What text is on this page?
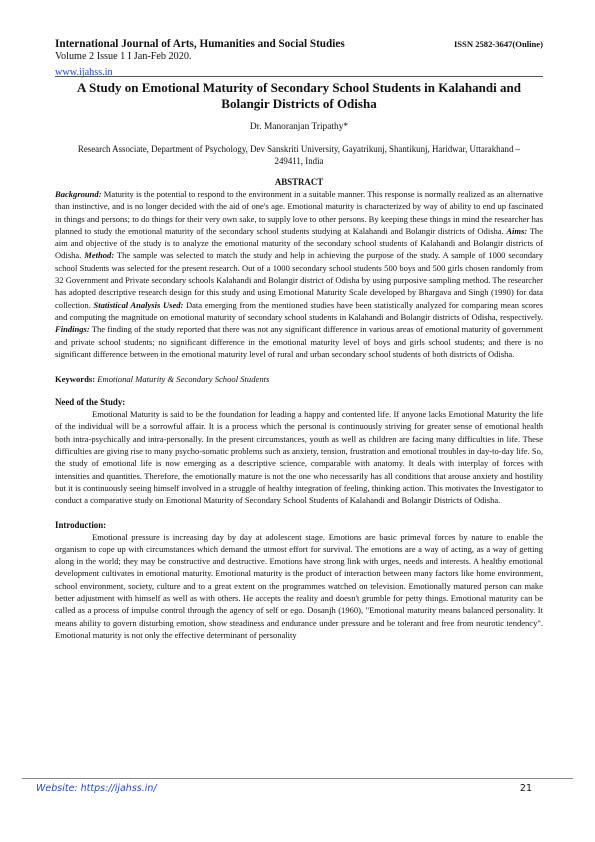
International Journal of Arts, Humanities and Social Studies	ISSN 2582-3647(Online)
Volume 2 Issue 1 I Jan-Feb 2020.
www.ijahss.in
A Study on Emotional Maturity of Secondary School Students in Kalahandi and Bolangir Districts of Odisha
Dr. Manoranjan Tripathy*
Research Associate, Department of Psychology, Dev Sanskriti University, Gayatrikunj, Shantikunj, Haridwar, Uttarakhand – 249411, India
ABSTRACT

Background: Maturity is the potential to respond to the environment in a suitable manner. This response is normally realized as an alternative than instinctive, and is no longer decided with the aid of one's age. Emotional maturity is characterized by way of ability to end up fascinated in things and persons; to do things for their very own sake, to supply love to other persons. By keeping these things in mind the researcher has planned to study the emotional maturity of the secondary school students studying at Kalahandi and Bolangir districts of Odisha. Aims: The aim and objective of the study is to analyze the emotional maturity of the secondary school students of Kalahandi and Bolangir districts of Odisha. Method: The sample was selected to match the study and help in achieving the purpose of the study. A sample of 1000 secondary school Students was selected for the present research. Out of a 1000 secondary school students 500 boys and 500 girls chosen randomly from 32 Government and Private secondary schools Kalahandi and Bolangir district of Odisha by using purposive sampling method. The researcher has adopted descriptive research design for this study and using Emotional Maturity Scale developed by Bhargava and Singh (1990) for data collection. Statistical Analysis Used: Data emerging from the mentioned studies have been statistically analyzed for comparing mean scores and computing the magnitude on emotional maturity of secondary school students in Kalahandi and Bolangir districts of Odisha, respectively. Findings: The finding of the study reported that there was not any significant difference in various areas of emotional maturity of government and private school students; no significant difference in the emotional maturity level of boys and girls school students; and there is no significant difference between in the emotional maturity level of rural and urban secondary school students of both districts of Odisha.

Keywords: Emotional Maturity & Secondary School Students
Need of the Study:

Emotional Maturity is said to be the foundation for leading a happy and contented life. If anyone lacks Emotional Maturity the life of the individual will be a sorrowful affair. It is a process which the personal is continuously striving for greater sense of emotional health both intra-psychically and intra-personally. In the present circumstances, youth as well as children are facing many difficulties in life. These difficulties are giving rise to many psycho-somatic problems such as anxiety, tension, frustration and emotional troubles in day-to-day life. So, the study of emotional life is now emerging as a descriptive science, comparable with anatomy. It deals with interplay of forces with intensities and quantities. Therefore, the emotionally mature is not the one who necessarily has all conditions that arouse anxiety and hostility but it is continuously seeing himself involved in a struggle of healthy integration of feeling, thinking action. This motivates the Investigator to conduct a comparative study on Emotional Maturity of Secondary School Students of Kalahandi and Bolangir Districts of Odisha.

Introduction:

Emotional pressure is increasing day by day at adolescent stage. Emotions are basic primeval forces by nature to enable the organism to cope up with circumstances which demand the utmost effort for survival. The emotions are a way of acting, as a way of getting along in the world; they may be constructive and destructive. Emotions have strong link with urges, needs and interests. A healthy emotional development cultivates in emotional maturity. Emotional maturity is the product of interaction between many factors like home environment, school environment, society, culture and to a great extent on the programmes watched on television. Emotionally matured person can make better adjustment with himself as well as with others. He accepts the reality and doesn't grumble for petty things. Emotional maturity can be called as a process of impulse control through the agency of self or ego. Dosanjh (1960), "Emotional maturity means balanced personality. It means ability to govern disturbing emotion, show steadiness and endurance under pressure and be tolerant and free from neurotic tendency". Emotional maturity is not only the effective determinant of personality

Website: https://ijahss.in/	21
